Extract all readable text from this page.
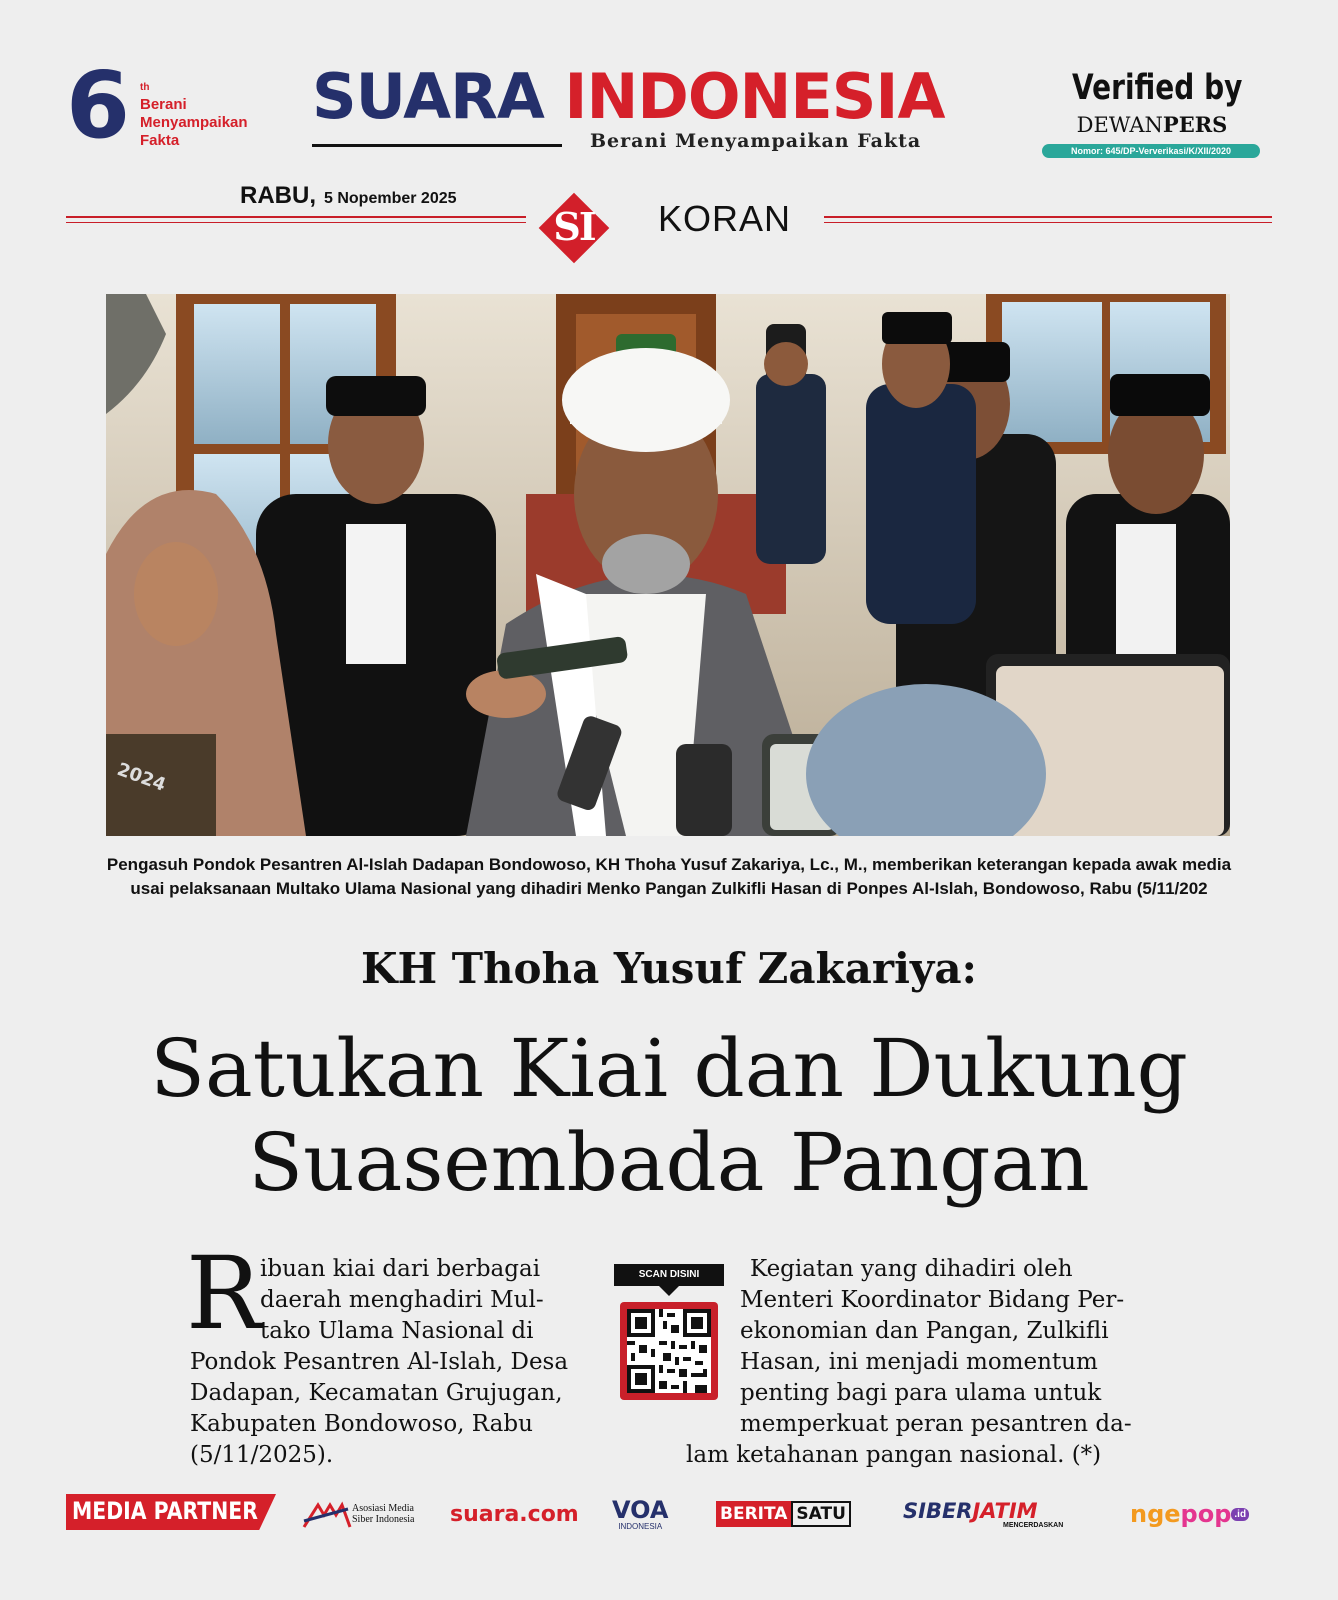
6 th
Berani Menyampaikan Fakta
SUARA INDONESIA
Berani Menyampaikan Fakta
Verified by
DEWANPERS
Nomor: 645/DP-Ververikasi/K/XII/2020
RABU, 5 Nopember 2025
SI	KORAN
2024
Pengasuh Pondok Pesantren Al-Islah Dadapan Bondowoso, KH Thoha Yusuf Zakariya, Lc., M., memberikan keterangan kepada awak media usai pelaksanaan Multako Ulama Nasional yang dihadiri Menko Pangan Zulkifli Hasan di Ponpes Al-Islah, Bondowoso, Rabu (5/11/202
KH Thoha Yusuf Zakariya:
Satukan Kiai dan Dukung
Suasembada Pangan
R
ibuan kiai dari berbagai
daerah menghadiri Mul-
tako Ulama Nasional di
Pondok Pesantren Al-Islah, Desa
Dadapan, Kecamatan Grujugan,
Kabupaten Bondowoso, Rabu
(5/11/2025).
SCAN DISINI	Kegiatan yang dihadiri oleh
Menteri Koordinator Bidang Per-
ekonomian dan Pangan, Zulkifli
Hasan, ini menjadi momentum
penting bagi para ulama untuk
memperkuat peran pesantren da-
lam ketahanan pangan nasional. (*)
MEDIA PARTNER	Asosiasi Media Siber Indonesia	suara.com VOA
INDONESIA
BERITA SATU	SIBERJATIM
MENCERDASKAN	nge pop .id
